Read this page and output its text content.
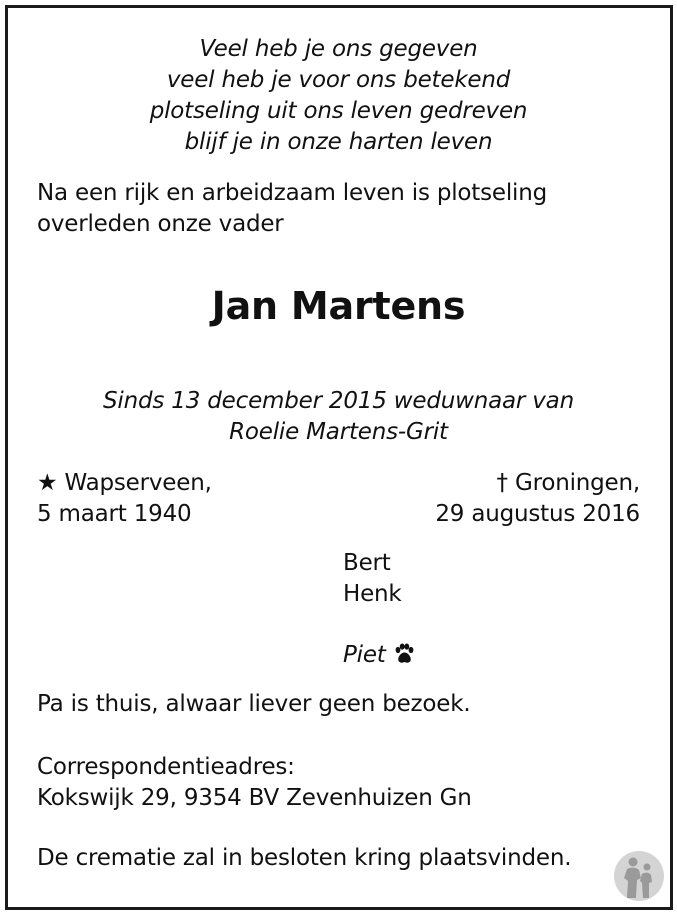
Veel heb je ons gegeven
veel heb je voor ons betekend
plotseling uit ons leven gedreven
blijf je in onze harten leven
Na een rijk en arbeidzaam leven is plotseling
overleden onze vader
Jan Martens
Sinds 13 december 2015 weduwnaar van
Roelie Martens-Grit
★ Wapserveen,
5 maart 1940
† Groningen,
29 augustus 2016
Bert
Henk
Piet
Pa is thuis, alwaar liever geen bezoek.
Correspondentieadres:
Kokswijk 29, 9354 BV Zevenhuizen Gn
De crematie zal in besloten kring plaatsvinden.
